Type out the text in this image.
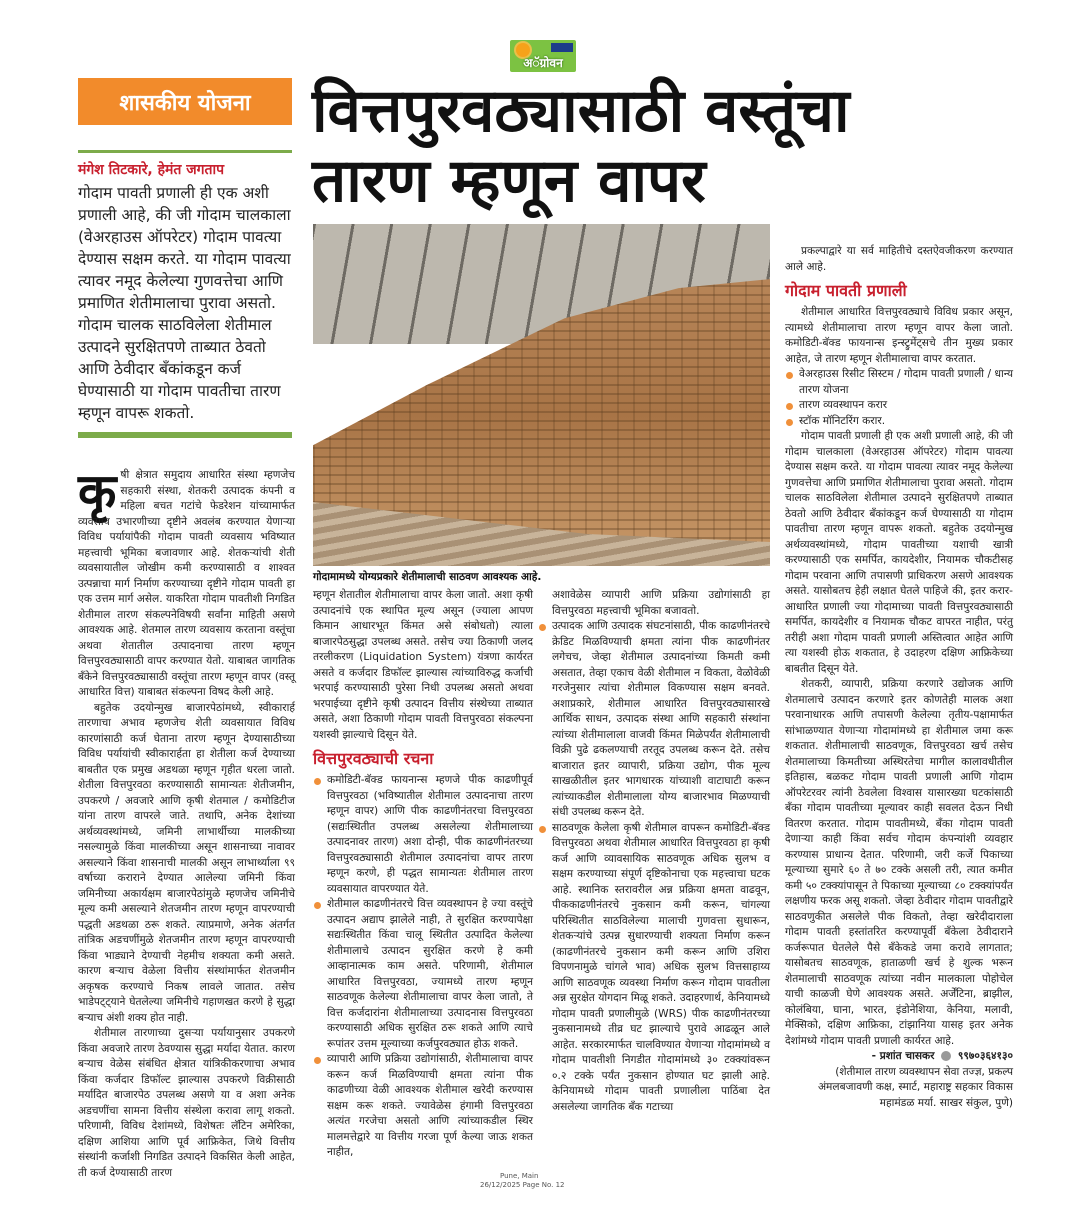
अॅग्रोवन
शासकीय योजना	वित्तपुरवठ्यासाठी वस्तूंचा
तारण म्हणून वापर
मंगेश तिटकारे, हेमंत जगताप
गोदाम पावती प्रणाली ही एक अशी प्रणाली आहे, की जी गोदाम चालकाला (वेअरहाउस ऑपरेटर) गोदाम पावत्या देण्यास सक्षम करते. या गोदाम पावत्या त्यावर नमूद केलेल्या गुणवत्तेचा आणि प्रमाणित शेतीमालाचा पुरावा असतो. गोदाम चालक साठविलेला शेतीमाल उत्पादने सुरक्षितपणे ताब्यात ठेवतो आणि ठेवीदार बँकांकडून कर्ज घेण्यासाठी या गोदाम पावतीचा तारण म्हणून वापरू शकतो.
गोदामामध्ये योग्यप्रकारे शेतीमालाची साठवण आवश्यक आहे.

कृषी क्षेत्रात समुदाय आधारित संस्था म्हणजेच सहकारी संस्था, शेतकरी उत्पादक कंपनी व महिला बचत गटांचे फेडरेशन यांच्यामार्फत व्यवसाय उभारणीच्या दृष्टीने अवलंब करण्यात येणाऱ्या विविध पर्यायांपैकी गोदाम पावती व्यवसाय भविष्यात महत्त्वाची भूमिका बजावणार आहे. शेतकऱ्यांची शेती व्यवसायातील जोखीम कमी करण्यासाठी व शाश्वत उत्पन्नाचा मार्ग निर्माण करण्याच्या दृष्टीने गोदाम पावती हा एक उत्तम मार्ग असेल. याकरिता गोदाम पावतीशी निगडित शेतीमाल तारण संकल्पनेविषयी सर्वांना माहिती असणे आवश्यक आहे. शेतमाल तारण व्यवसाय करताना वस्तूंचा अथवा शेतातील उत्पादनाचा तारण म्हणून वित्तपुरवठ्यासाठी वापर करण्यात येतो. याबाबत जागतिक बँकेने वित्तपुरवठ्यासाठी वस्तूंचा तारण म्हणून वापर (वस्तू आधारित वित्त) याबाबत संकल्पना विषद केली आहे.

बहुतेक उदयोन्मुख बाजारपेठांमध्ये, स्वीकारार्ह तारणाचा अभाव म्हणजेच शेती व्यवसायात विविध कारणांसाठी कर्ज घेताना तारण म्हणून देण्यासाठीच्या विविध पर्यायांची स्वीकारार्हता हा शेतीला कर्ज देण्याच्या बाबतीत एक प्रमुख अडथळा म्हणून गृहीत धरला जातो. शेतीला वित्तपुरवठा करण्यासाठी सामान्यतः शेतीजमीन, उपकरणे / अवजारे आणि कृषी शेतमाल / कमोडिटीज यांना तारण वापरले जाते. तथापि, अनेक देशांच्या अर्थव्यवस्थांमध्ये, जमिनी लाभार्थीच्या मालकीच्या नसल्यामुळे किंवा मालकीच्या असून शासनाच्या नावावर असल्याने किंवा शासनाची मालकी असून लाभार्थ्याला ९९ वर्षाच्या कराराने देण्यात आलेल्या जमिनी किंवा जमिनीच्या अकार्यक्षम बाजारपेठांमुळे म्हणजेच जमिनीचे मूल्य कमी असल्याने शेतजमीन तारण म्हणून वापरण्याची पद्धती अडथळा ठरू शकते. त्याप्रमाणे, अनेक अंतर्गत तांत्रिक अडचणींमुळे शेतजमीन तारण म्हणून वापरण्याची किंवा भाड्याने देण्याची नेहमीच शक्यता कमी असते. कारण बऱ्याच वेळेला वित्तीय संस्थांमार्फत शेतजमीन अकृषक करण्याचे निकष लावले जातात. तसेच भाडेपट्ट्याने घेतलेल्या जमिनीचे गहाणखत करणे हे सुद्धा बऱ्याच अंशी शक्य होत नाही.

शेतीमाल तारणाच्या दुसऱ्या पर्यायानुसार उपकरणे किंवा अवजारे तारण ठेवण्यास सुद्धा मर्यादा येतात. कारण बऱ्याच वेळेस संबंधित क्षेत्रात यांत्रिकीकरणाचा अभाव किंवा कर्जदार डिफॉल्ट झाल्यास उपकरणे विक्रीसाठी मर्यादित बाजारपेठ उपलब्ध असणे या व अशा अनेक अडचणींचा सामना वित्तीय संस्थेला करावा लागू शकतो. परिणामी, विविध देशांमध्ये, विशेषतः लॅटिन अमेरिका, दक्षिण आशिया आणि पूर्व आफ्रिकेत, जिथे वित्तीय संस्थांनी कर्जाशी निगडित उत्पादने विकसित केली आहेत, ती कर्ज देण्यासाठी तारण

म्हणून शेतातील शेतीमालाचा वापर केला जातो. अशा कृषी उत्पादनांचे एक स्थापित मूल्य असून (ज्याला आपण किमान आधारभूत किंमत असे संबोधतो) त्याला बाजारपेठसुद्धा उपलब्ध असते. तसेच ज्या ठिकाणी जलद तरलीकरण (Liquidation System) यंत्रणा कार्यरत असते व कर्जदार डिफॉल्ट झाल्यास त्यांच्याविरुद्ध कर्जाची भरपाई करण्यासाठी पुरेसा निधी उपलब्ध असतो अथवा भरपाईच्या दृष्टीने कृषी उत्पादन वित्तीय संस्थेच्या ताब्यात असते, अशा ठिकाणी गोदाम पावती वित्तपुरवठा संकल्पना यशस्वी झाल्याचे दिसून येते.

वित्तपुरवठ्याची रचना
कमोडिटी-बॅक्ड फायनान्स म्हणजे पीक काढणीपूर्व वित्तपुरवठा (भविष्यातील शेतीमाल उत्पादनाचा तारण म्हणून वापर) आणि पीक काढणीनंतरचा वित्तपुरवठा (सद्यःस्थितीत उपलब्ध असलेल्या शेतीमालाच्या उत्पादनावर तारण) अशा दोन्ही, पीक काढणीनंतरच्या वित्तपुरवठ्यासाठी शेतीमाल उत्पादनांचा वापर तारण म्हणून करणे, ही पद्धत सामान्यतः शेतीमाल तारण व्यवसायात वापरण्यात येते.
शेतीमाल काढणीनंतरचे वित्त व्यवस्थापन हे ज्या वस्तूंचे उत्पादन अद्याप झालेले नाही, ते सुरक्षित करण्यापेक्षा सद्यःस्थितीत किंवा चालू स्थितीत उत्पादित केलेल्या शेतीमालाचे उत्पादन सुरक्षित करणे हे कमी आव्हानात्मक काम असते. परिणामी, शेतीमाल आधारित वित्तपुरवठा, ज्यामध्ये तारण म्हणून साठवणूक केलेल्या शेतीमालाचा वापर केला जातो, ते वित्त कर्जदारांना शेतीमालाच्या उत्पादनास वित्तपुरवठा करण्यासाठी अधिक सुरक्षित ठरू शकते आणि त्याचे रूपांतर उत्तम मूल्याच्या कर्जपुरवठ्यात होऊ शकते.
व्यापारी आणि प्रक्रिया उद्योगांसाठी, शेतीमालाचा वापर करून कर्ज मिळविण्याची क्षमता त्यांना पीक काढणीच्या वेळी आवश्यक शेतीमाल खरेदी करण्यास सक्षम करू शकते. ज्यावेळेस हंगामी वित्तपुरवठा अत्यंत गरजेचा असतो आणि त्यांच्याकडील स्थिर मालमत्तेद्वारे या वित्तीय गरजा पूर्ण केल्या जाऊ शकत नाहीत,

अशावेळेस व्यापारी आणि प्रक्रिया उद्योगांसाठी हा वित्तपुरवठा महत्त्वाची भूमिका बजावतो.

उत्पादक आणि उत्पादक संघटनांसाठी, पीक काढणीनंतरचे क्रेडिट मिळविण्याची क्षमता त्यांना पीक काढणीनंतर लगेचच, जेव्हा शेतीमाल उत्पादनांच्या किमती कमी असतात, तेव्हा एकाच वेळी शेतीमाल न विकता, वेळोवेळी गरजेनुसार त्यांचा शेतीमाल विकण्यास सक्षम बनवते. अशाप्रकारे, शेतीमाल आधारित वित्तपुरवठ्यासारखे आर्थिक साधन, उत्पादक संस्था आणि सहकारी संस्थांना त्यांच्या शेतीमालाला वाजवी किंमत मिळेपर्यंत शेतीमालाची विक्री पुढे ढकलण्याची तरतूद उपलब्ध करून देते. तसेच बाजारात इतर व्यापारी, प्रक्रिया उद्योग, पीक मूल्य साखळीतील इतर भागधारक यांच्याशी वाटाघाटी करून त्यांच्याकडील शेतीमालाला योग्य बाजारभाव मिळण्याची संधी उपलब्ध करून देते.
साठवणूक केलेला कृषी शेतीमाल वापरून कमोडिटी-बॅक्ड वित्तपुरवठा अथवा शेतीमाल आधारित वित्तपुरवठा हा कृषी कर्ज आणि व्यावसायिक साठवणूक अधिक सुलभ व सक्षम करण्याच्या संपूर्ण दृष्टिकोनाचा एक महत्त्वाचा घटक आहे. स्थानिक स्तरावरील अन्न प्रक्रिया क्षमता वाढवून, पीककाढणीनंतरचे नुकसान कमी करून, चांगल्या परिस्थितीत साठविलेल्या मालाची गुणवत्ता सुधारून, शेतकऱ्यांचे उत्पन्न सुधारण्याची शक्यता निर्माण करून (काढणीनंतरचे नुकसान कमी करून आणि उशिरा विपणनामुळे चांगले भाव) अधिक सुलभ वित्तसाहाय्य आणि साठवणूक व्यवस्था निर्माण करून गोदाम पावतीला अन्न सुरक्षेत योगदान मिळू शकते. उदाहरणार्थ, केनियामध्ये गोदाम पावती प्रणालीमुळे (WRS) पीक काढणीनंतरच्या नुकसानामध्ये तीव्र घट झाल्याचे पुरावे आढळून आले आहेत. सरकारमार्फत चालविण्यात येणाऱ्या गोदामांमध्ये व गोदाम पावतीशी निगडीत गोदामांमध्ये ३० टक्क्यांवरून ०.२ टक्के पर्यंत नुकसान होण्यात घट झाली आहे. केनियामध्ये गोदाम पावती प्रणालीला पाठिंबा देत असलेल्या जागतिक बँक गटाच्या

प्रकल्पाद्वारे या सर्व माहितीचे दस्तऐवजीकरण करण्यात आले आहे.

गोदाम पावती प्रणाली

शेतीमाल आधारित वित्तपुरवठ्याचे विविध प्रकार असून, त्यामध्ये शेतीमालाचा तारण म्हणून वापर केला जातो. कमोडिटी-बॅक्ड फायनान्स इन्स्ट्रुमेंट्सचे तीन मुख्य प्रकार आहेत, जे तारण म्हणून शेतीमालाचा वापर करतात.

वेअरहाउस रिसीट सिस्टम / गोदाम पावती प्रणाली / धान्य तारण योजना
तारण व्यवस्थापन करार
स्टॉक मॉनिटरिंग करार.

गोदाम पावती प्रणाली ही एक अशी प्रणाली आहे, की जी गोदाम चालकाला (वेअरहाउस ऑपरेटर) गोदाम पावत्या देण्यास सक्षम करते. या गोदाम पावत्या त्यावर नमूद केलेल्या गुणवत्तेचा आणि प्रमाणित शेतीमालाचा पुरावा असतो. गोदाम चालक साठविलेला शेतीमाल उत्पादने सुरक्षितपणे ताब्यात ठेवतो आणि ठेवीदार बँकांकडून कर्ज घेण्यासाठी या गोदाम पावतीचा तारण म्हणून वापरू शकतो. बहुतेक उदयोन्मुख अर्थव्यवस्थांमध्ये, गोदाम पावतीच्या यशाची खात्री करण्यासाठी एक समर्पित, कायदेशीर, नियामक चौकटीसह गोदाम परवाना आणि तपासणी प्राधिकरण असणे आवश्यक असते. यासोबतच हेही लक्षात घेतले पाहिजे की, इतर करार-आधारित प्रणाली ज्या गोदामाच्या पावती वित्तपुरवठ्यासाठी समर्पित, कायदेशीर व नियामक चौकट वापरत नाहीत, परंतु तरीही अशा गोदाम पावती प्रणाली अस्तित्वात आहेत आणि त्या यशस्वी होऊ शकतात, हे उदाहरण दक्षिण आफ्रिकेच्या बाबतीत दिसून येते.

शेतकरी, व्यापारी, प्रक्रिया करणारे उद्योजक आणि शेतमालाचे उत्पादन करणारे इतर कोणतेही मालक अशा परवानाधारक आणि तपासणी केलेल्या तृतीय-पक्षामार्फत सांभाळण्यात येणाऱ्या गोदामांमध्ये हा शेतीमाल जमा करू शकतात. शेतीमालाची साठवणूक, वित्तपुरवठा खर्च तसेच शेतमालाच्या किमतीच्या अस्थिरतेचा मागील कालावधीतील इतिहास, बळकट गोदाम पावती प्रणाली आणि गोदाम ऑपरेटरवर त्यांनी ठेवलेला विश्वास यासारख्या घटकांसाठी बँका गोदाम पावतीच्या मूल्यावर काही सवलत देऊन निधी वितरण करतात. गोदाम पावतीमध्ये, बँका गोदाम पावती देणाऱ्या काही किंवा सर्वच गोदाम कंपन्यांशी व्यवहार करण्यास प्राधान्य देतात. परिणामी, जरी कर्जे पिकाच्या मूल्याच्या सुमारे ६० ते ७० टक्के असली तरी, त्यात कमीत कमी ५० टक्क्यांपासून ते पिकाच्या मूल्याच्या ८० टक्क्यांपर्यंत लक्षणीय फरक असू शकतो. जेव्हा ठेवीदार गोदाम पावतीद्वारे साठवणुकीत असलेले पीक विकतो, तेव्हा खरेदीदाराला गोदाम पावती हस्तांतरित करण्यापूर्वी बँकेला ठेवीदाराने कर्जरूपात घेतलेले पैसे बँकेकडे जमा करावे लागतात; यासोबतच साठवणूक, हाताळणी खर्च हे शुल्क भरून शेतमालाची साठवणूक त्यांच्या नवीन मालकाला पोहोचेल याची काळजी घेणे आवश्यक असते. अर्जेंटिना, ब्राझील, कोलंबिया, घाना, भारत, इंडोनेशिया, केनिया, मलावी, मेक्सिको, दक्षिण आफ्रिका, टांझानिया यासह इतर अनेक देशांमध्ये गोदाम पावती प्रणाली कार्यरत आहे.

- प्रशांत चासकर ९९७०३६४१३०

(शेतीमाल तारण व्यवस्थापन सेवा तज्ज्ञ, प्रकल्प अंमलबजावणी कक्ष, स्मार्ट, महाराष्ट्र सहकार विकास महामंडळ मर्या. साखर संकुल, पुणे)

Pune, Main
26/12/2025 Page No. 12
